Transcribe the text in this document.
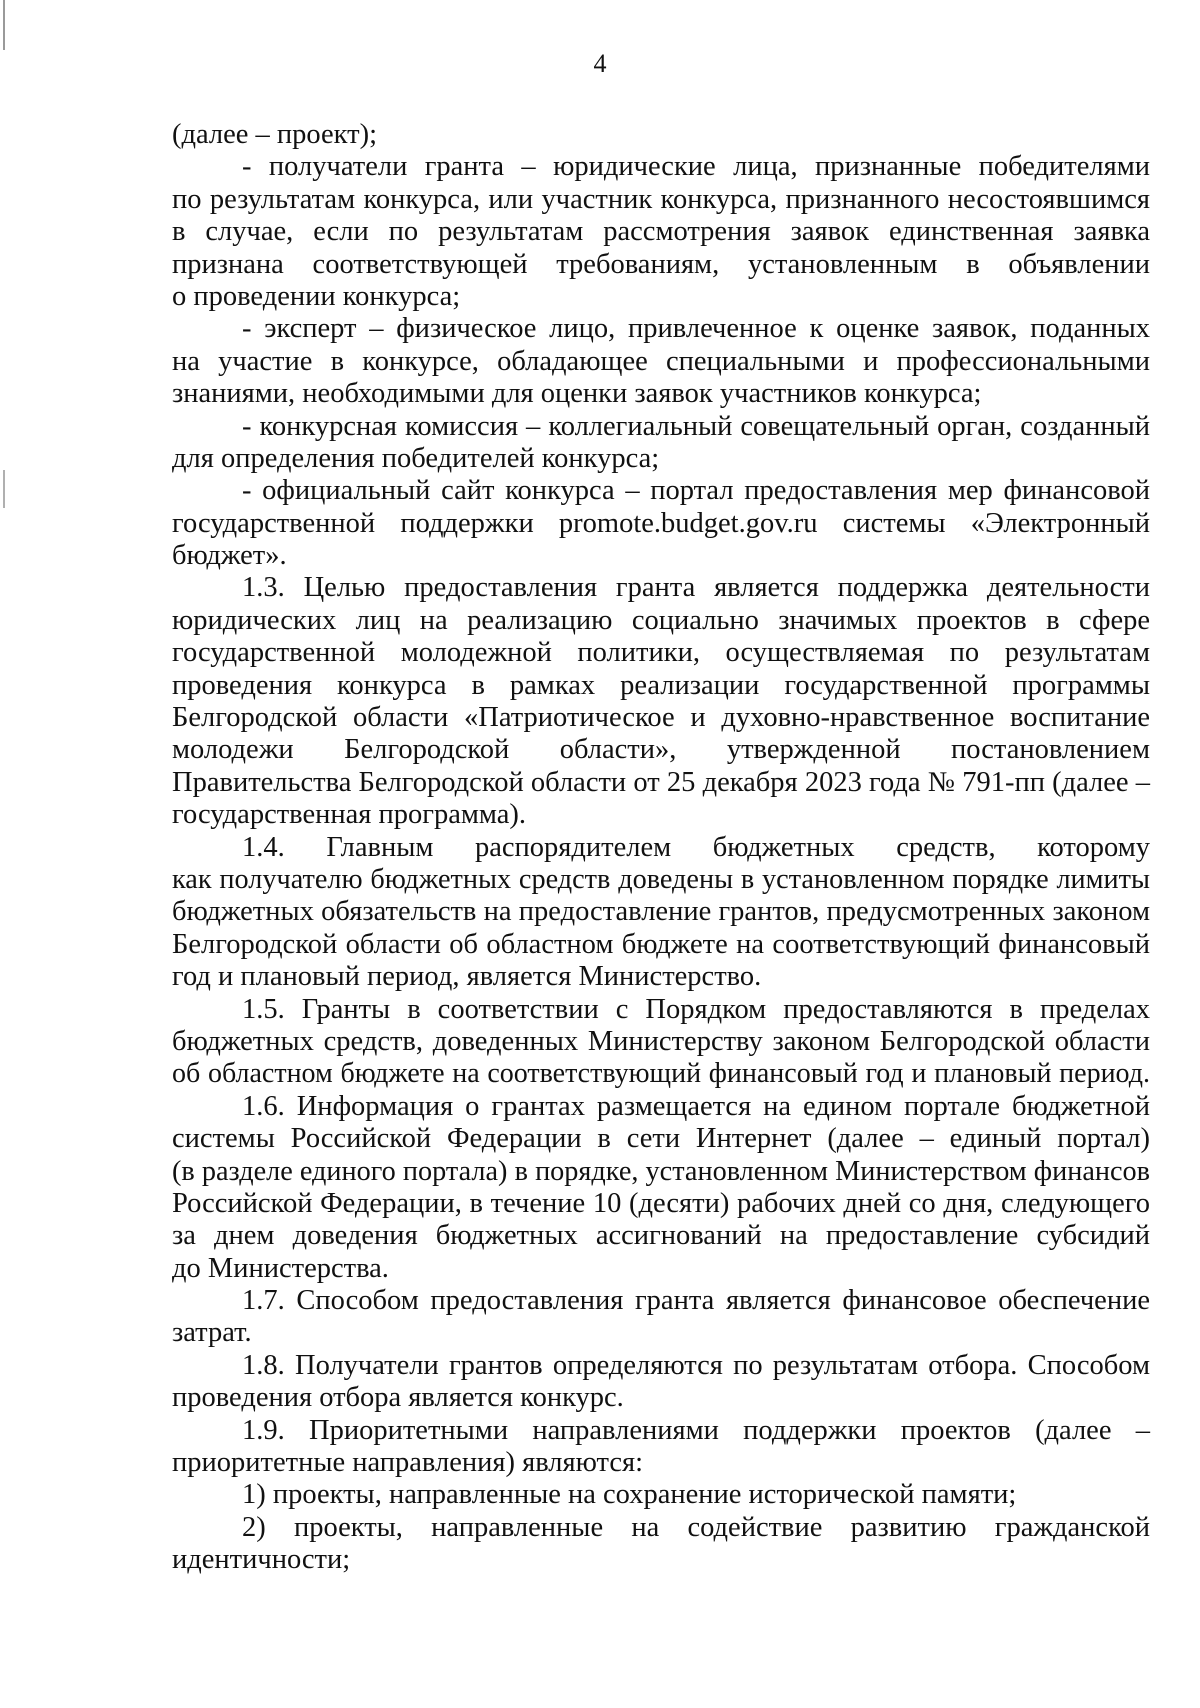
4
(далее – проект);
- получатели гранта – юридические лица, признанные победителями
по результатам конкурса, или участник конкурса, признанного несостоявшимся
в случае, если по результатам рассмотрения заявок единственная заявка
признана соответствующей требованиям, установленным в объявлении
о проведении конкурса;
- эксперт – физическое лицо, привлеченное к оценке заявок, поданных
на участие в конкурсе, обладающее специальными и профессиональными
знаниями, необходимыми для оценки заявок участников конкурса;
- конкурсная комиссия – коллегиальный совещательный орган, созданный
для определения победителей конкурса;
- официальный сайт конкурса – портал предоставления мер финансовой
государственной поддержки promote.budget.gov.ru системы «Электронный
бюджет».
1.3. Целью предоставления гранта является поддержка деятельности
юридических лиц на реализацию социально значимых проектов в сфере
государственной молодежной политики, осуществляемая по результатам
проведения конкурса в рамках реализации государственной программы
Белгородской области «Патриотическое и духовно-нравственное воспитание
молодежи Белгородской области», утвержденной постановлением
Правительства Белгородской области от 25 декабря 2023 года № 791-пп (далее –
государственная программа).
1.4. Главным распорядителем бюджетных средств, которому
как получателю бюджетных средств доведены в установленном порядке лимиты
бюджетных обязательств на предоставление грантов, предусмотренных законом
Белгородской области об областном бюджете на соответствующий финансовый
год и плановый период, является Министерство.
1.5. Гранты в соответствии с Порядком предоставляются в пределах
бюджетных средств, доведенных Министерству законом Белгородской области
об областном бюджете на соответствующий финансовый год и плановый период.
1.6. Информация о грантах размещается на едином портале бюджетной
системы Российской Федерации в сети Интернет (далее – единый портал)
(в разделе единого портала) в порядке, установленном Министерством финансов
Российской Федерации, в течение 10 (десяти) рабочих дней со дня, следующего
за днем доведения бюджетных ассигнований на предоставление субсидий
до Министерства.
1.7. Способом предоставления гранта является финансовое обеспечение
затрат.
1.8. Получатели грантов определяются по результатам отбора. Способом
проведения отбора является конкурс.
1.9. Приоритетными направлениями поддержки проектов (далее –
приоритетные направления) являются:
1) проекты, направленные на сохранение исторической памяти;
2) проекты, направленные на содействие развитию гражданской
идентичности;
